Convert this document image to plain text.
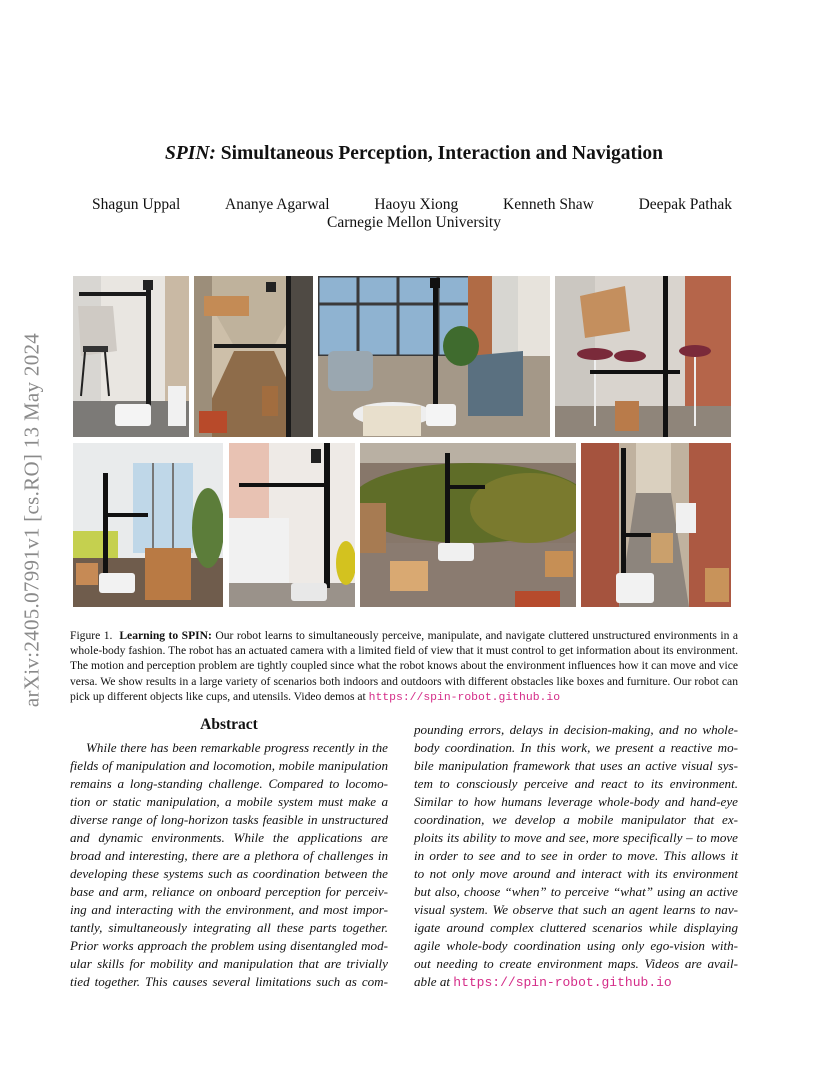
arXiv:2405.07991v1 [cs.RO] 13 May 2024
SPIN: Simultaneous Perception, Interaction and Navigation
Shagun Uppal	Ananye Agarwal	Haoyu Xiong	Kenneth Shaw	Deepak Pathak
Carnegie Mellon University
Figure 1. Learning to SPIN: Our robot learns to simultaneously perceive, manipulate, and navigate cluttered unstructured environments in a whole-body fashion. The robot has an actuated camera with a limited field of view that it must control to get information about its environment. The motion and perception problem are tightly coupled since what the robot knows about the environment influences how it can move and vice versa. We show results in a large variety of scenarios both indoors and outdoors with different obstacles like boxes and furniture. Our robot can pick up different objects like cups, and utensils. Video demos at https://spin-robot.github.io
Abstract
While there has been remarkable progress recently in the
fields of manipulation and locomotion, mobile manipulation
remains a long-standing challenge. Compared to locomo-
tion or static manipulation, a mobile system must make a
diverse range of long-horizon tasks feasible in unstructured
and dynamic environments. While the applications are
broad and interesting, there are a plethora of challenges in
developing these systems such as coordination between the
base and arm, reliance on onboard perception for perceiv-
ing and interacting with the environment, and most impor-
tantly, simultaneously integrating all these parts together.
Prior works approach the problem using disentangled mod-
ular skills for mobility and manipulation that are trivially
tied together. This causes several limitations such as com-
pounding errors, delays in decision-making, and no whole-
body coordination. In this work, we present a reactive mo-
bile manipulation framework that uses an active visual sys-
tem to consciously perceive and react to its environment.
Similar to how humans leverage whole-body and hand-eye
coordination, we develop a mobile manipulator that ex-
ploits its ability to move and see, more specifically – to move
in order to see and to see in order to move. This allows it
to not only move around and interact with its environment
but also, choose “when” to perceive “what” using an active
visual system. We observe that such an agent learns to nav-
igate around complex cluttered scenarios while displaying
agile whole-body coordination using only ego-vision with-
out needing to create environment maps. Videos are avail-
able at https://spin-robot.github.io
